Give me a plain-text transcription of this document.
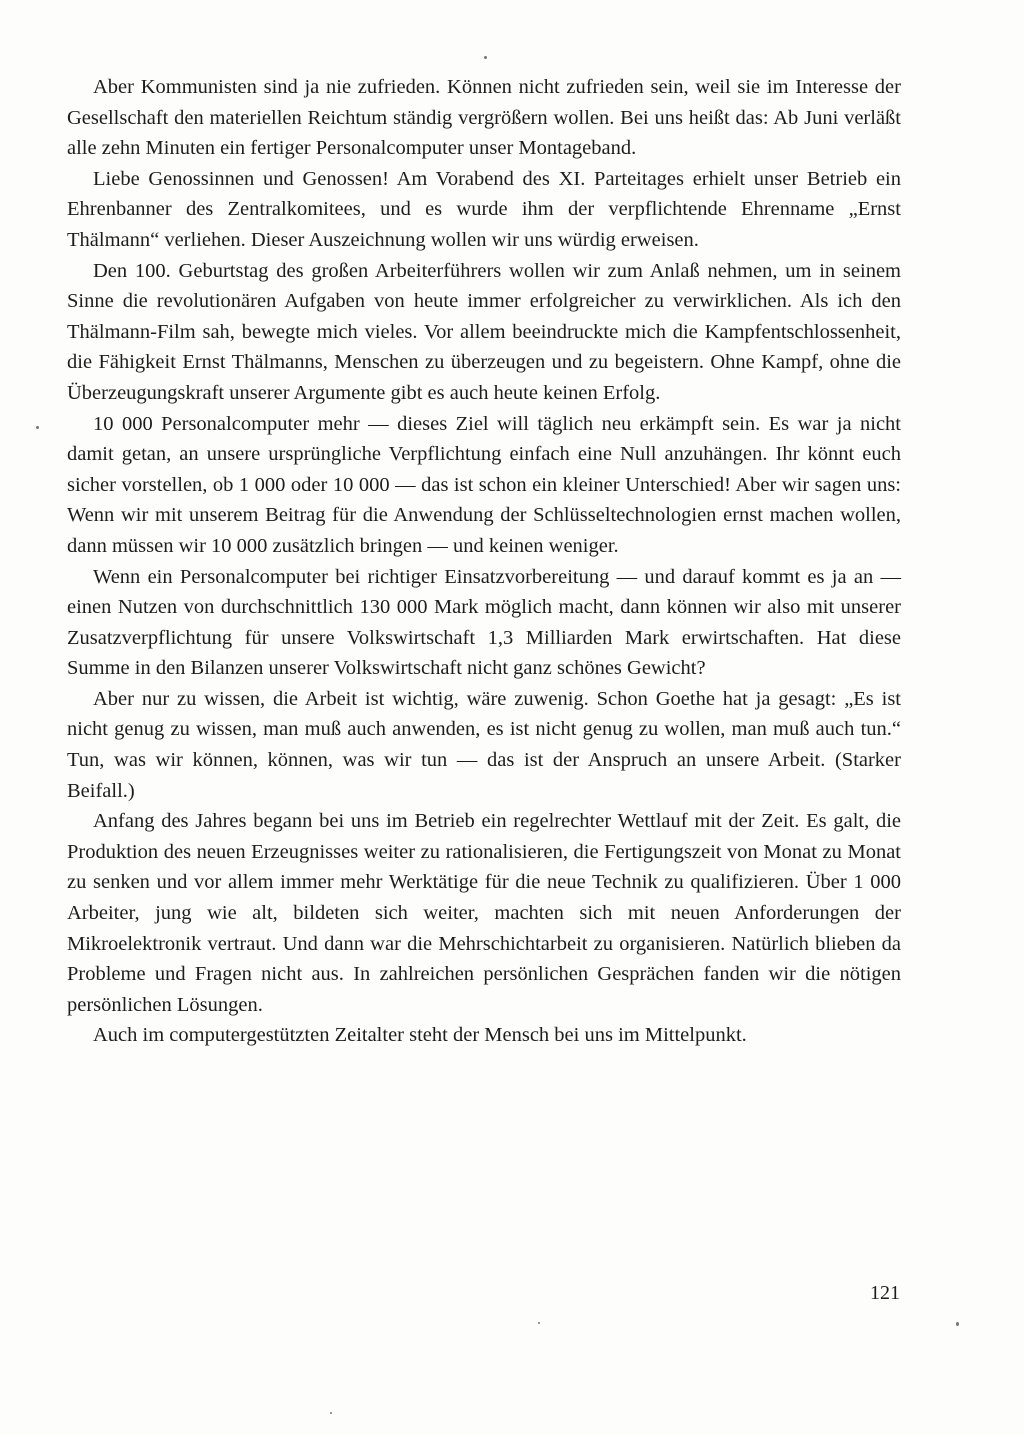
Aber Kommunisten sind ja nie zufrieden. Können nicht zufrieden sein, weil sie im Interesse der Gesellschaft den materiellen Reichtum ständig vergrößern wollen. Bei uns heißt das: Ab Juni verläßt alle zehn Minuten ein fertiger Personalcomputer unser Montageband.

Liebe Genossinnen und Genossen! Am Vorabend des XI. Parteitages erhielt unser Betrieb ein Ehrenbanner des Zentralkomitees, und es wurde ihm der verpflichtende Ehrenname „Ernst Thälmann“ verliehen. Dieser Auszeichnung wollen wir uns würdig erweisen.

Den 100. Geburtstag des großen Arbeiterführers wollen wir zum Anlaß nehmen, um in seinem Sinne die revolutionären Aufgaben von heute immer erfolgreicher zu verwirklichen. Als ich den Thälmann-Film sah, bewegte mich vieles. Vor allem beeindruckte mich die Kampfentschlossenheit, die Fähigkeit Ernst Thälmanns, Menschen zu überzeugen und zu begeistern. Ohne Kampf, ohne die Überzeugungskraft unserer Argumente gibt es auch heute keinen Erfolg.

10 000 Personalcomputer mehr — dieses Ziel will täglich neu erkämpft sein. Es war ja nicht damit getan, an unsere ursprüngliche Verpflichtung einfach eine Null anzuhängen. Ihr könnt euch sicher vorstellen, ob 1 000 oder 10 000 — das ist schon ein kleiner Unterschied! Aber wir sagen uns: Wenn wir mit unserem Beitrag für die Anwendung der Schlüsseltechnologien ernst machen wollen, dann müssen wir 10 000 zusätzlich bringen — und keinen weniger.

Wenn ein Personalcomputer bei richtiger Einsatzvorbereitung — und darauf kommt es ja an — einen Nutzen von durchschnittlich 130 000 Mark möglich macht, dann können wir also mit unserer Zusatzverpflichtung für unsere Volkswirtschaft 1,3 Milliarden Mark erwirtschaften. Hat diese Summe in den Bilanzen unserer Volkswirtschaft nicht ganz schönes Gewicht?

Aber nur zu wissen, die Arbeit ist wichtig, wäre zuwenig. Schon Goethe hat ja gesagt: „Es ist nicht genug zu wissen, man muß auch anwenden, es ist nicht genug zu wollen, man muß auch tun.“ Tun, was wir können, können, was wir tun — das ist der Anspruch an unsere Arbeit. (Starker Beifall.)

Anfang des Jahres begann bei uns im Betrieb ein regelrechter Wettlauf mit der Zeit. Es galt, die Produktion des neuen Erzeugnisses weiter zu rationalisieren, die Fertigungszeit von Monat zu Monat zu senken und vor allem immer mehr Werktätige für die neue Technik zu qualifizieren. Über 1 000 Arbeiter, jung wie alt, bildeten sich weiter, machten sich mit neuen Anforderungen der Mikroelektronik vertraut. Und dann war die Mehrschichtarbeit zu organisieren. Natürlich blieben da Probleme und Fragen nicht aus. In zahlreichen persönlichen Gesprächen fanden wir die nötigen persönlichen Lösungen.

Auch im computergestützten Zeitalter steht der Mensch bei uns im Mittelpunkt.

121
